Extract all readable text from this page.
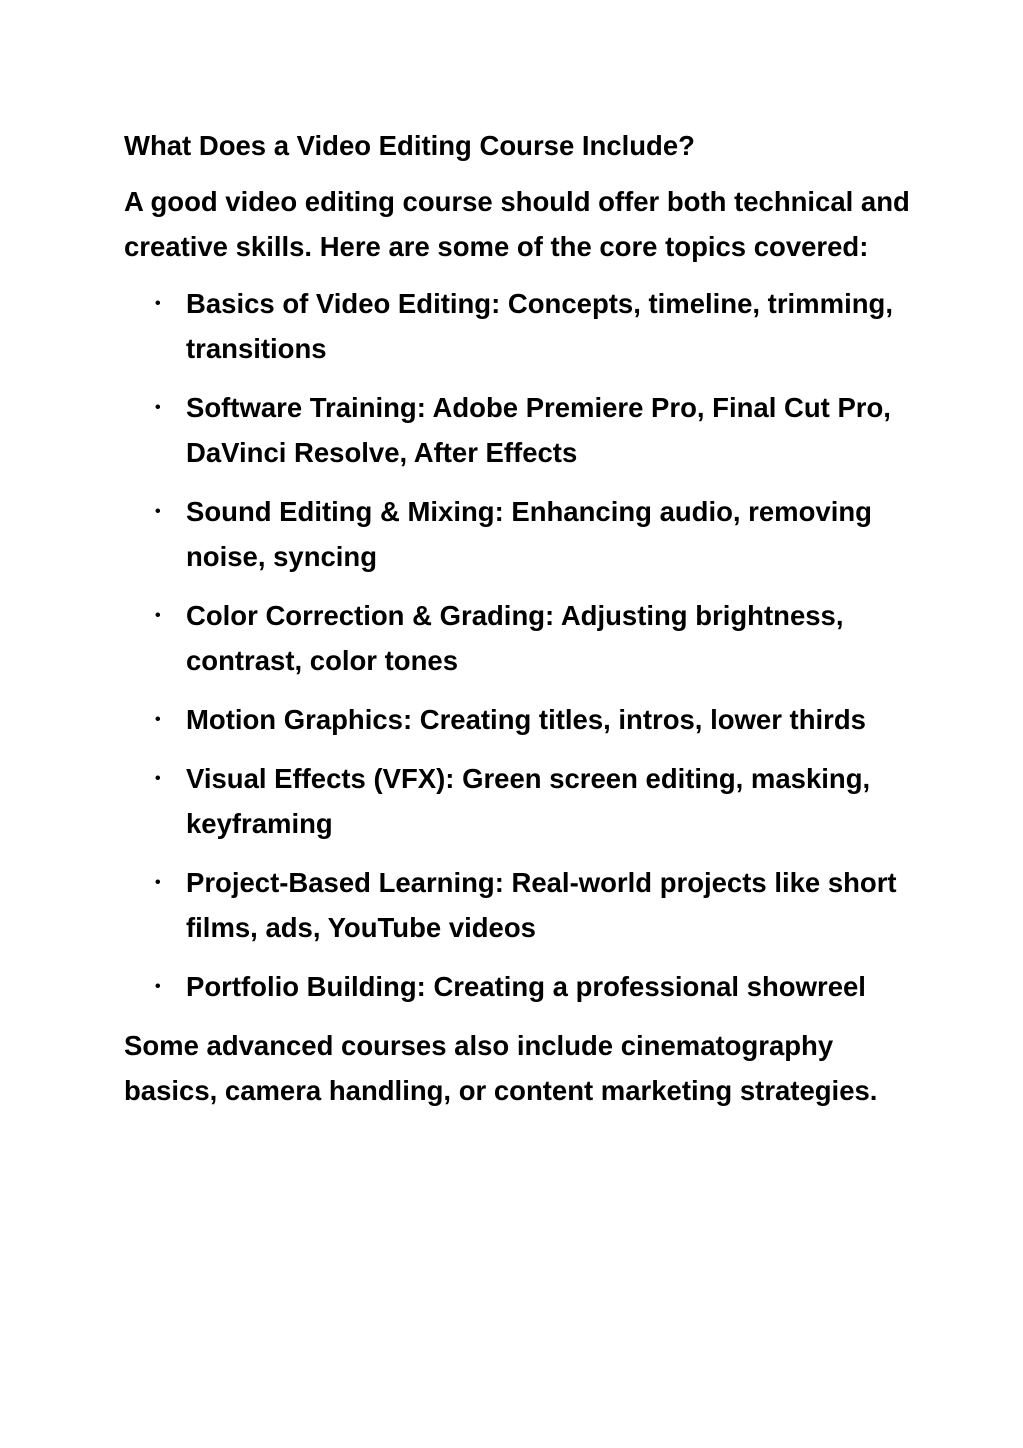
What Does a Video Editing Course Include?

A good video editing course should offer both technical and creative skills. Here are some of the core topics covered:

• Basics of Video Editing: Concepts, timeline, trimming, transitions
• Software Training: Adobe Premiere Pro, Final Cut Pro, DaVinci Resolve, After Effects
• Sound Editing & Mixing: Enhancing audio, removing noise, syncing
• Color Correction & Grading: Adjusting brightness, contrast, color tones
• Motion Graphics: Creating titles, intros, lower thirds
• Visual Effects (VFX): Green screen editing, masking, keyframing
• Project-Based Learning: Real-world projects like short films, ads, YouTube videos
• Portfolio Building: Creating a professional showreel

Some advanced courses also include cinematography basics, camera handling, or content marketing strategies.
